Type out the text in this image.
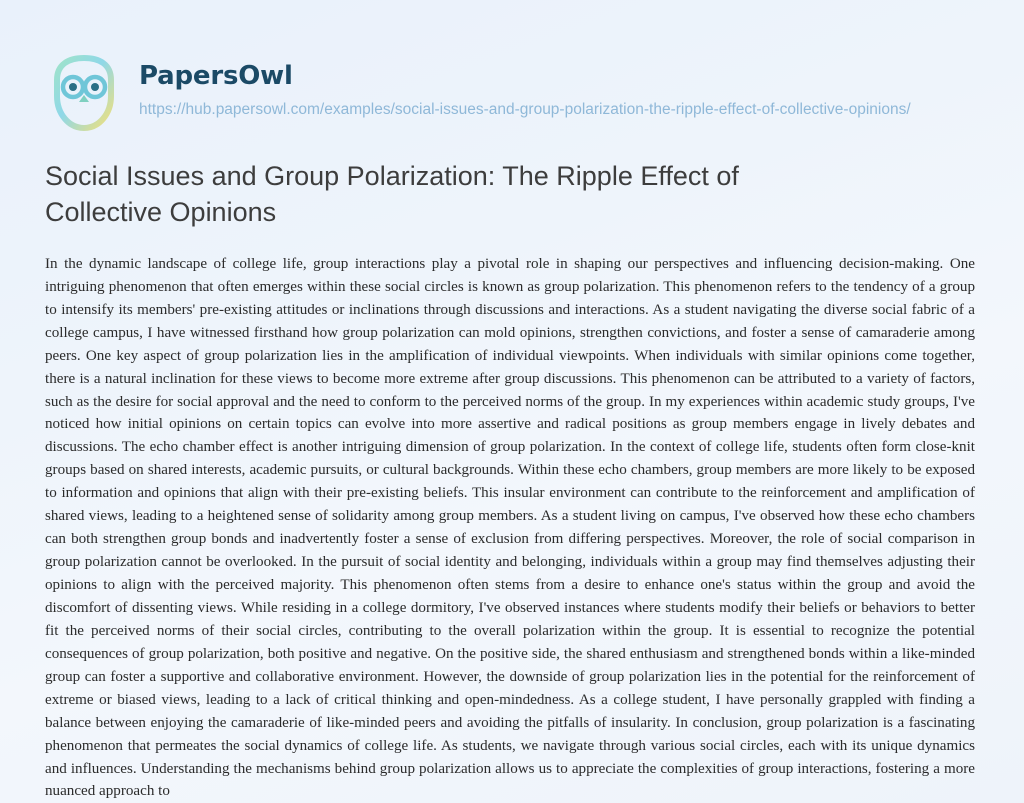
PapersOwl
https://hub.papersowl.com/examples/social-issues-and-group-polarization-the-ripple-effect-of-collective-opinions/
Social Issues and Group Polarization: The Ripple Effect of Collective Opinions
In the dynamic landscape of college life, group interactions play a pivotal role in shaping our perspectives and influencing decision-making. One intriguing phenomenon that often emerges within these social circles is known as group polarization. This phenomenon refers to the tendency of a group to intensify its members' pre-existing attitudes or inclinations through discussions and interactions. As a student navigating the diverse social fabric of a college campus, I have witnessed firsthand how group polarization can mold opinions, strengthen convictions, and foster a sense of camaraderie among peers. One key aspect of group polarization lies in the amplification of individual viewpoints. When individuals with similar opinions come together, there is a natural inclination for these views to become more extreme after group discussions. This phenomenon can be attributed to a variety of factors, such as the desire for social approval and the need to conform to the perceived norms of the group. In my experiences within academic study groups, I've noticed how initial opinions on certain topics can evolve into more assertive and radical positions as group members engage in lively debates and discussions. The echo chamber effect is another intriguing dimension of group polarization. In the context of college life, students often form close-knit groups based on shared interests, academic pursuits, or cultural backgrounds. Within these echo chambers, group members are more likely to be exposed to information and opinions that align with their pre-existing beliefs. This insular environment can contribute to the reinforcement and amplification of shared views, leading to a heightened sense of solidarity among group members. As a student living on campus, I've observed how these echo chambers can both strengthen group bonds and inadvertently foster a sense of exclusion from differing perspectives. Moreover, the role of social comparison in group polarization cannot be overlooked. In the pursuit of social identity and belonging, individuals within a group may find themselves adjusting their opinions to align with the perceived majority. This phenomenon often stems from a desire to enhance one's status within the group and avoid the discomfort of dissenting views. While residing in a college dormitory, I've observed instances where students modify their beliefs or behaviors to better fit the perceived norms of their social circles, contributing to the overall polarization within the group. It is essential to recognize the potential consequences of group polarization, both positive and negative. On the positive side, the shared enthusiasm and strengthened bonds within a like-minded group can foster a supportive and collaborative environment. However, the downside of group polarization lies in the potential for the reinforcement of extreme or biased views, leading to a lack of critical thinking and open-mindedness. As a college student, I have personally grappled with finding a balance between enjoying the camaraderie of like-minded peers and avoiding the pitfalls of insularity. In conclusion, group polarization is a fascinating phenomenon that permeates the social dynamics of college life. As students, we navigate through various social circles, each with its unique dynamics and influences. Understanding the mechanisms behind group polarization allows us to appreciate the complexities of group interactions, fostering a more nuanced approach to
